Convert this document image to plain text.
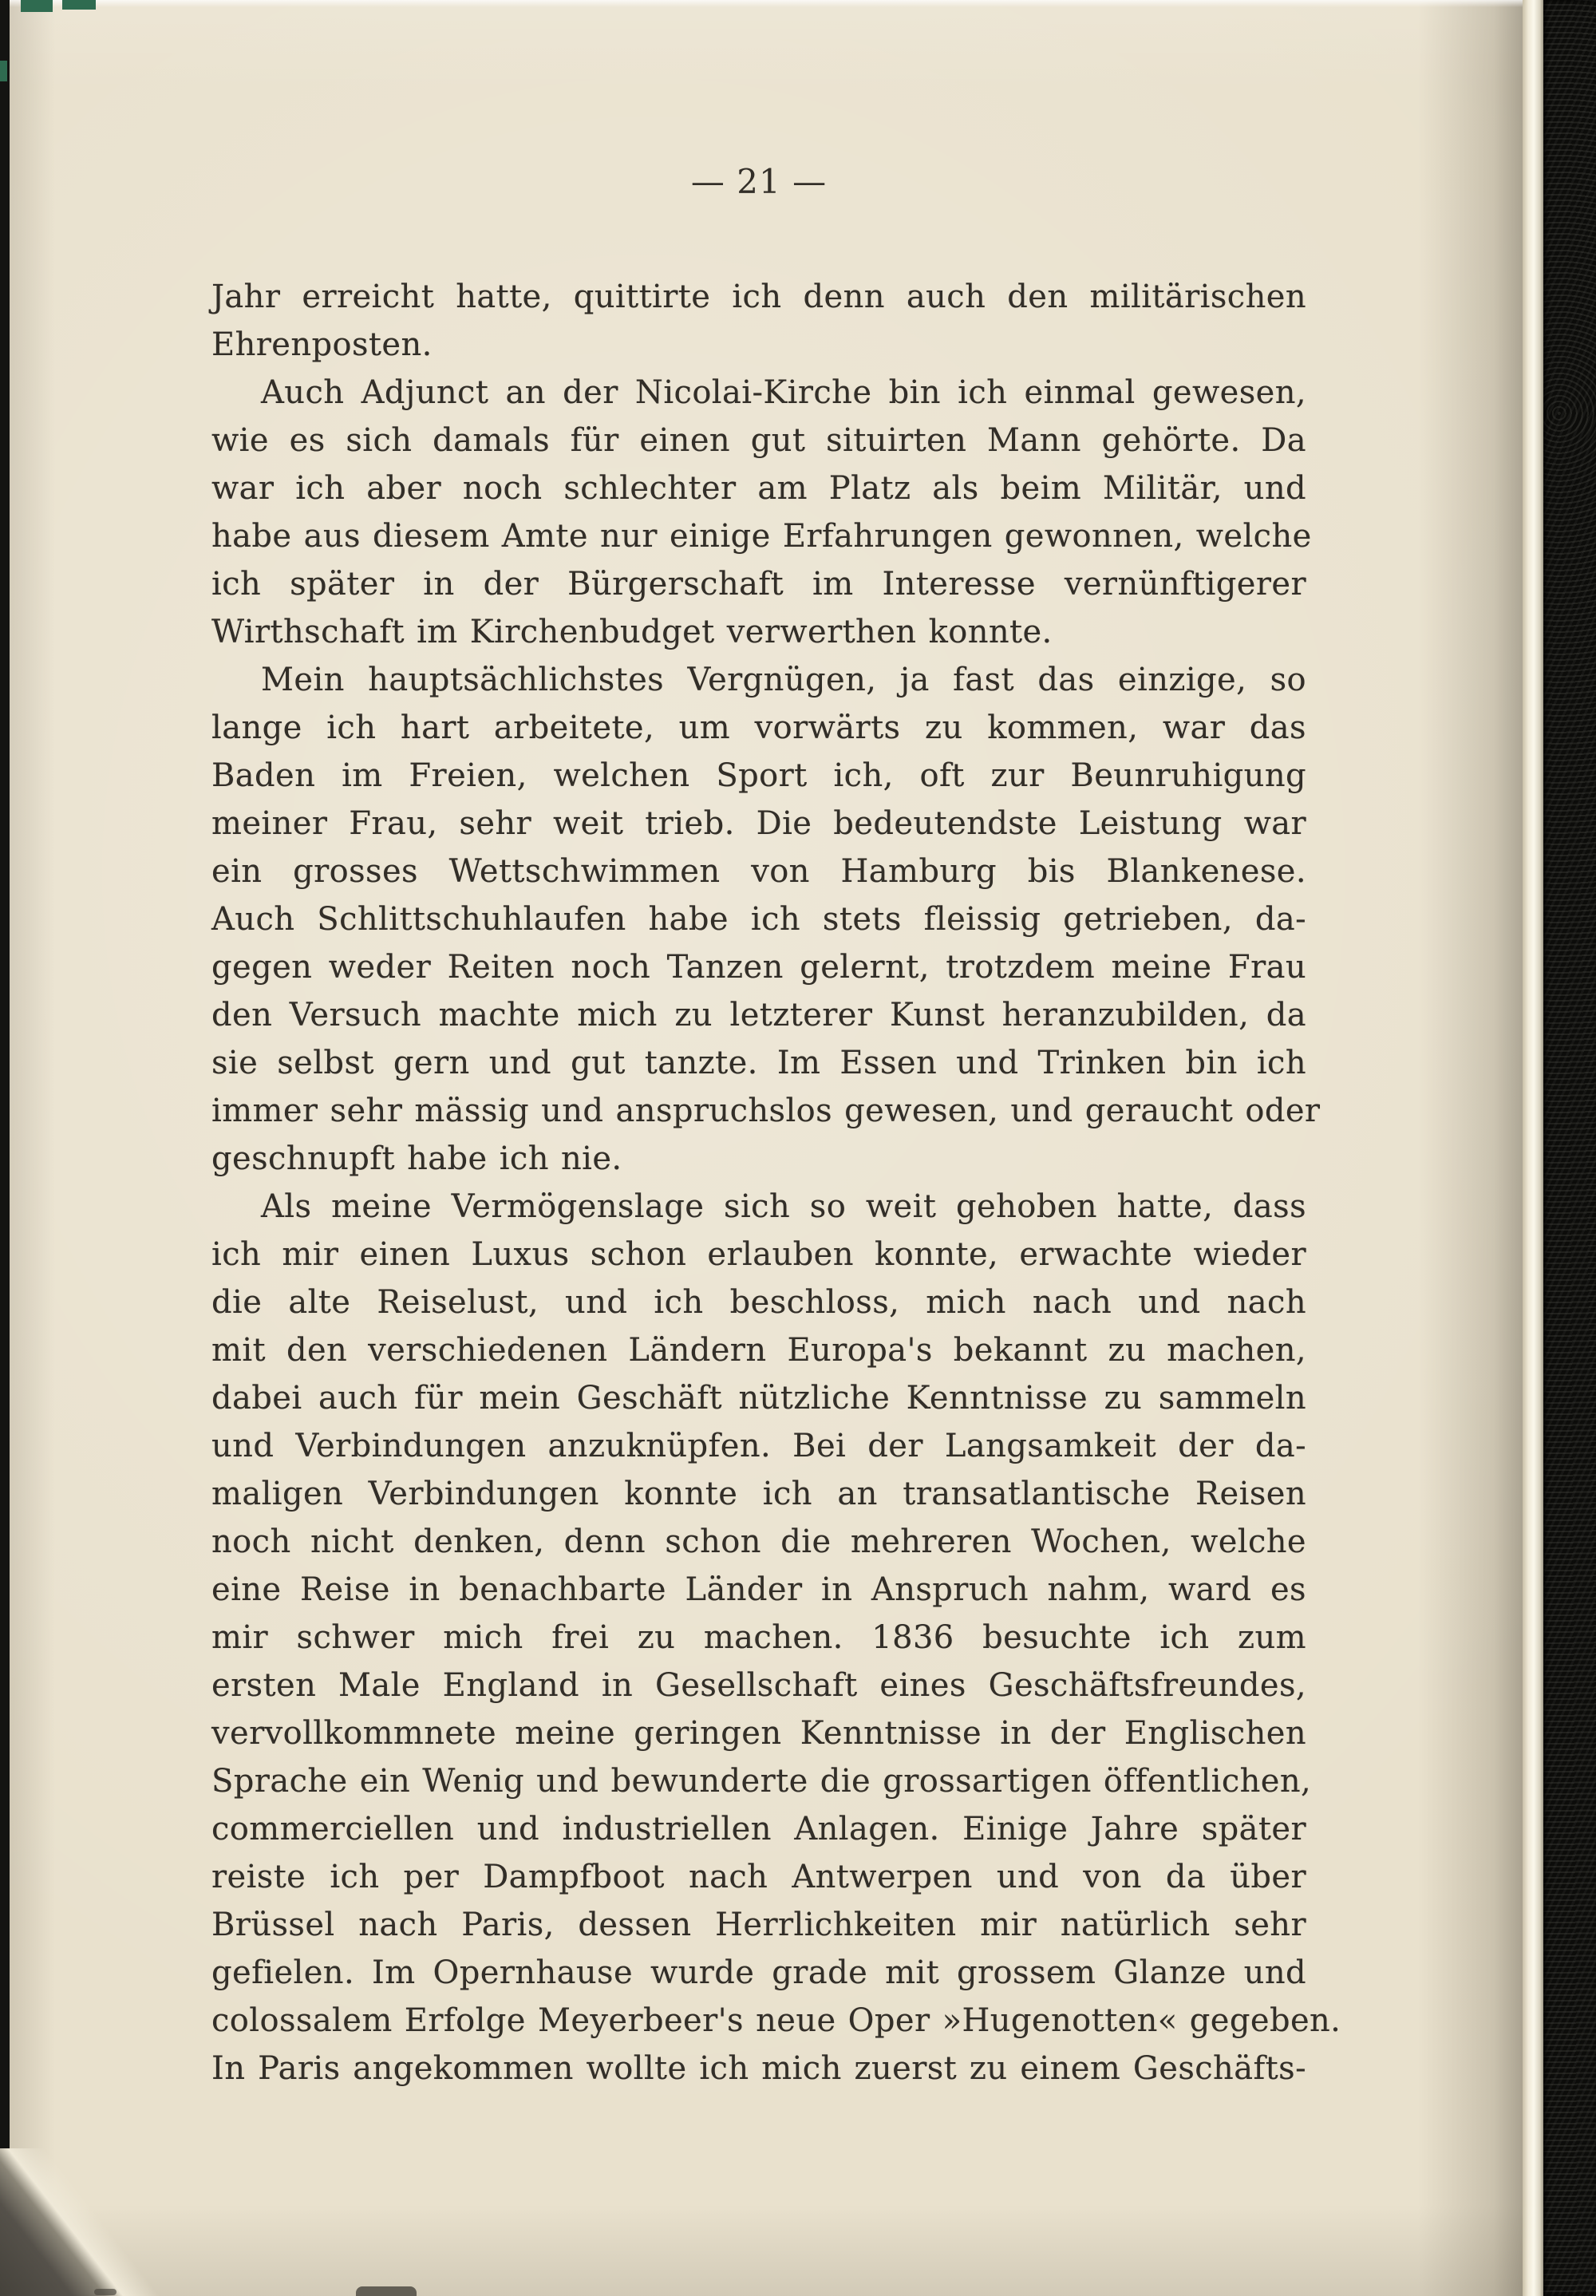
— 21 —
Jahr erreicht hatte, quittirte ich denn auch den militärischen
Ehrenposten.
Auch Adjunct an der Nicolai-Kirche bin ich einmal gewesen,
wie es sich damals für einen gut situirten Mann gehörte. Da
war ich aber noch schlechter am Platz als beim Militär, und
habe aus diesem Amte nur einige Erfahrungen gewonnen, welche
ich später in der Bürgerschaft im Interesse vernünftigerer
Wirthschaft im Kirchenbudget verwerthen konnte.
Mein hauptsächlichstes Vergnügen, ja fast das einzige, so
lange ich hart arbeitete, um vorwärts zu kommen, war das
Baden im Freien, welchen Sport ich, oft zur Beunruhigung
meiner Frau, sehr weit trieb. Die bedeutendste Leistung war
ein grosses Wettschwimmen von Hamburg bis Blankenese.
Auch Schlittschuhlaufen habe ich stets fleissig getrieben, da-
gegen weder Reiten noch Tanzen gelernt, trotzdem meine Frau
den Versuch machte mich zu letzterer Kunst heranzubilden, da
sie selbst gern und gut tanzte. Im Essen und Trinken bin ich
immer sehr mässig und anspruchslos gewesen, und geraucht oder
geschnupft habe ich nie.
Als meine Vermögenslage sich so weit gehoben hatte, dass
ich mir einen Luxus schon erlauben konnte, erwachte wieder
die alte Reiselust, und ich beschloss, mich nach und nach
mit den verschiedenen Ländern Europa's bekannt zu machen,
dabei auch für mein Geschäft nützliche Kenntnisse zu sammeln
und Verbindungen anzuknüpfen. Bei der Langsamkeit der da-
maligen Verbindungen konnte ich an transatlantische Reisen
noch nicht denken, denn schon die mehreren Wochen, welche
eine Reise in benachbarte Länder in Anspruch nahm, ward es
mir schwer mich frei zu machen. 1836 besuchte ich zum
ersten Male England in Gesellschaft eines Geschäftsfreundes,
vervollkommnete meine geringen Kenntnisse in der Englischen
Sprache ein Wenig und bewunderte die grossartigen öffentlichen,
commerciellen und industriellen Anlagen. Einige Jahre später
reiste ich per Dampfboot nach Antwerpen und von da über
Brüssel nach Paris, dessen Herrlichkeiten mir natürlich sehr
gefielen. Im Opernhause wurde grade mit grossem Glanze und
colossalem Erfolge Meyerbeer's neue Oper »Hugenotten« gegeben.
In Paris angekommen wollte ich mich zuerst zu einem Geschäfts-
